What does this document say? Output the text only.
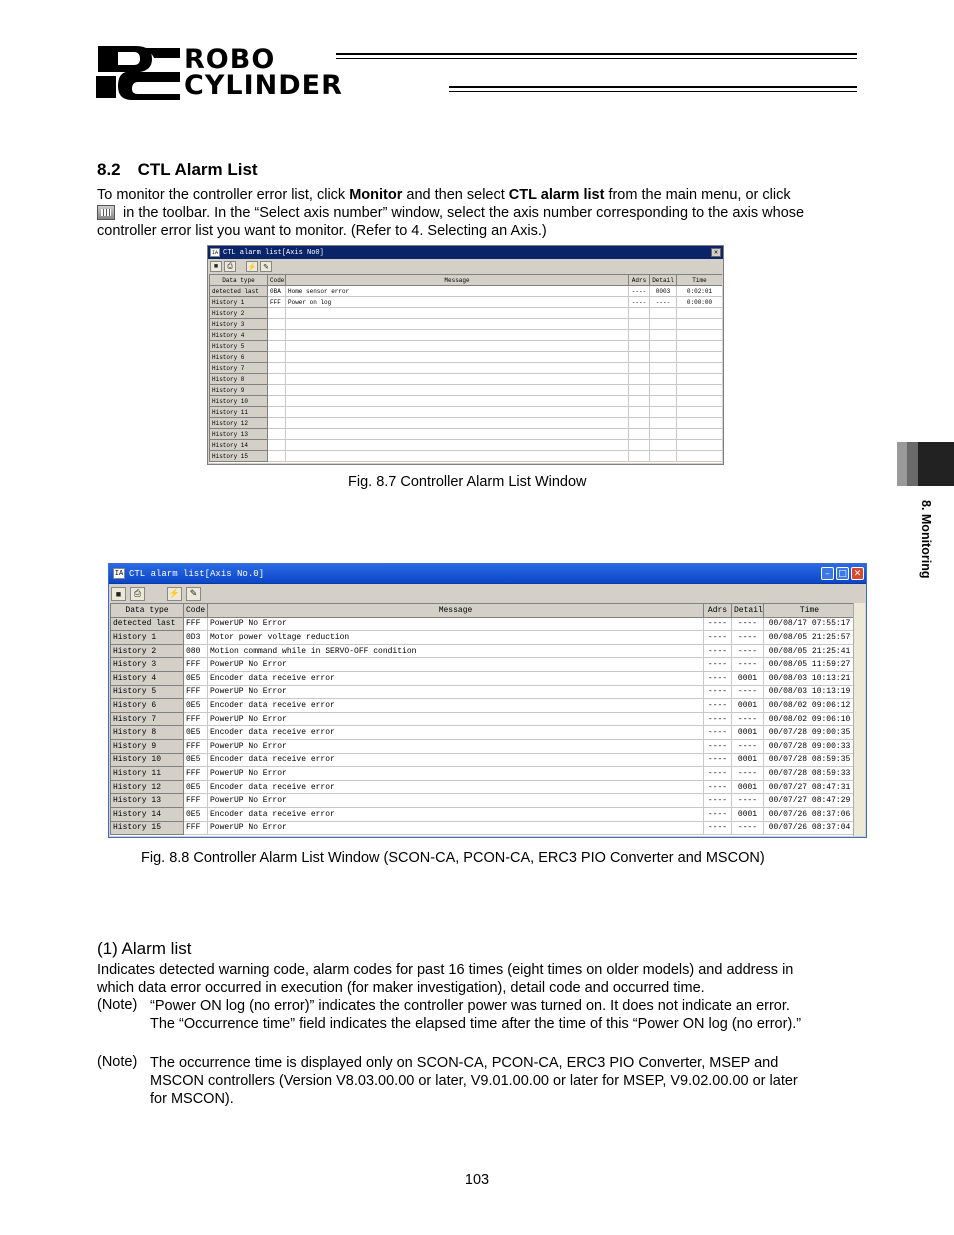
ROBO
CYLINDER
8.2 CTL Alarm List
To monitor the controller error list, click Monitor and then select CTL alarm list from the main menu, or click
in the toolbar. In the “Select axis number” window, select the axis number corresponding to the axis whose
controller error list you want to monitor. (Refer to 4. Selecting an Axis.)
IA CTL alarm list[Axis No0]	✕
■	⎙	⚡ ✎
Data type	Code	Message	Adrs	Detail	Time
detected last	0BA	Home sensor error	----	0003	0:02:01
History 1	FFF	Power on log	----	----	0:00:00
History 2					
History 3					
History 4					
History 5					
History 6					
History 7					
History 8					
History 9					
History 10					
History 11					
History 12					
History 13					
History 14					
History 15					
Fig. 8.7 Controller Alarm List Window
IA CTL alarm list[Axis No.0]	– □ ✕
■	⎙	⚡	✎
Data type	Code	Message	Adrs	Detail	Time
detected last	FFF	PowerUP No Error	----	----	00/08/17 07:55:17
History 1	0D3	Motor power voltage reduction	----	----	00/08/05 21:25:57
History 2	080	Motion command while in SERVO-OFF condition	----	----	00/08/05 21:25:41
History 3	FFF	PowerUP No Error	----	----	00/08/05 11:59:27
History 4	0E5	Encoder data receive error	----	0001	00/08/03 10:13:21
History 5	FFF	PowerUP No Error	----	----	00/08/03 10:13:19
History 6	0E5	Encoder data receive error	----	0001	00/08/02 09:06:12
History 7	FFF	PowerUP No Error	----	----	00/08/02 09:06:10
History 8	0E5	Encoder data receive error	----	0001	00/07/28 09:00:35
History 9	FFF	PowerUP No Error	----	----	00/07/28 09:00:33
History 10	0E5	Encoder data receive error	----	0001	00/07/28 08:59:35
History 11	FFF	PowerUP No Error	----	----	00/07/28 08:59:33
History 12	0E5	Encoder data receive error	----	0001	00/07/27 08:47:31
History 13	FFF	PowerUP No Error	----	----	00/07/27 08:47:29
History 14	0E5	Encoder data receive error	----	0001	00/07/26 08:37:06
History 15	FFF	PowerUP No Error	----	----	00/07/26 08:37:04
Fig. 8.8 Controller Alarm List Window (SCON-CA, PCON-CA, ERC3 PIO Converter and MSCON)
(1) Alarm list
Indicates detected warning code, alarm codes for past 16 times (eight times on older models) and address in
which data error occurred in execution (for maker investigation), detail code and occurred time.
(Note) “Power ON log (no error)” indicates the controller power was turned on. It does not indicate an error.
The “Occurrence time” field indicates the elapsed time after the time of this “Power ON log (no error).”
(Note) The occurrence time is displayed only on SCON-CA, PCON-CA, ERC3 PIO Converter, MSEP and
MSCON controllers (Version V8.03.00.00 or later, V9.01.00.00 or later for MSEP, V9.02.00.00 or later
for MSCON).
8. Monitoring
103
